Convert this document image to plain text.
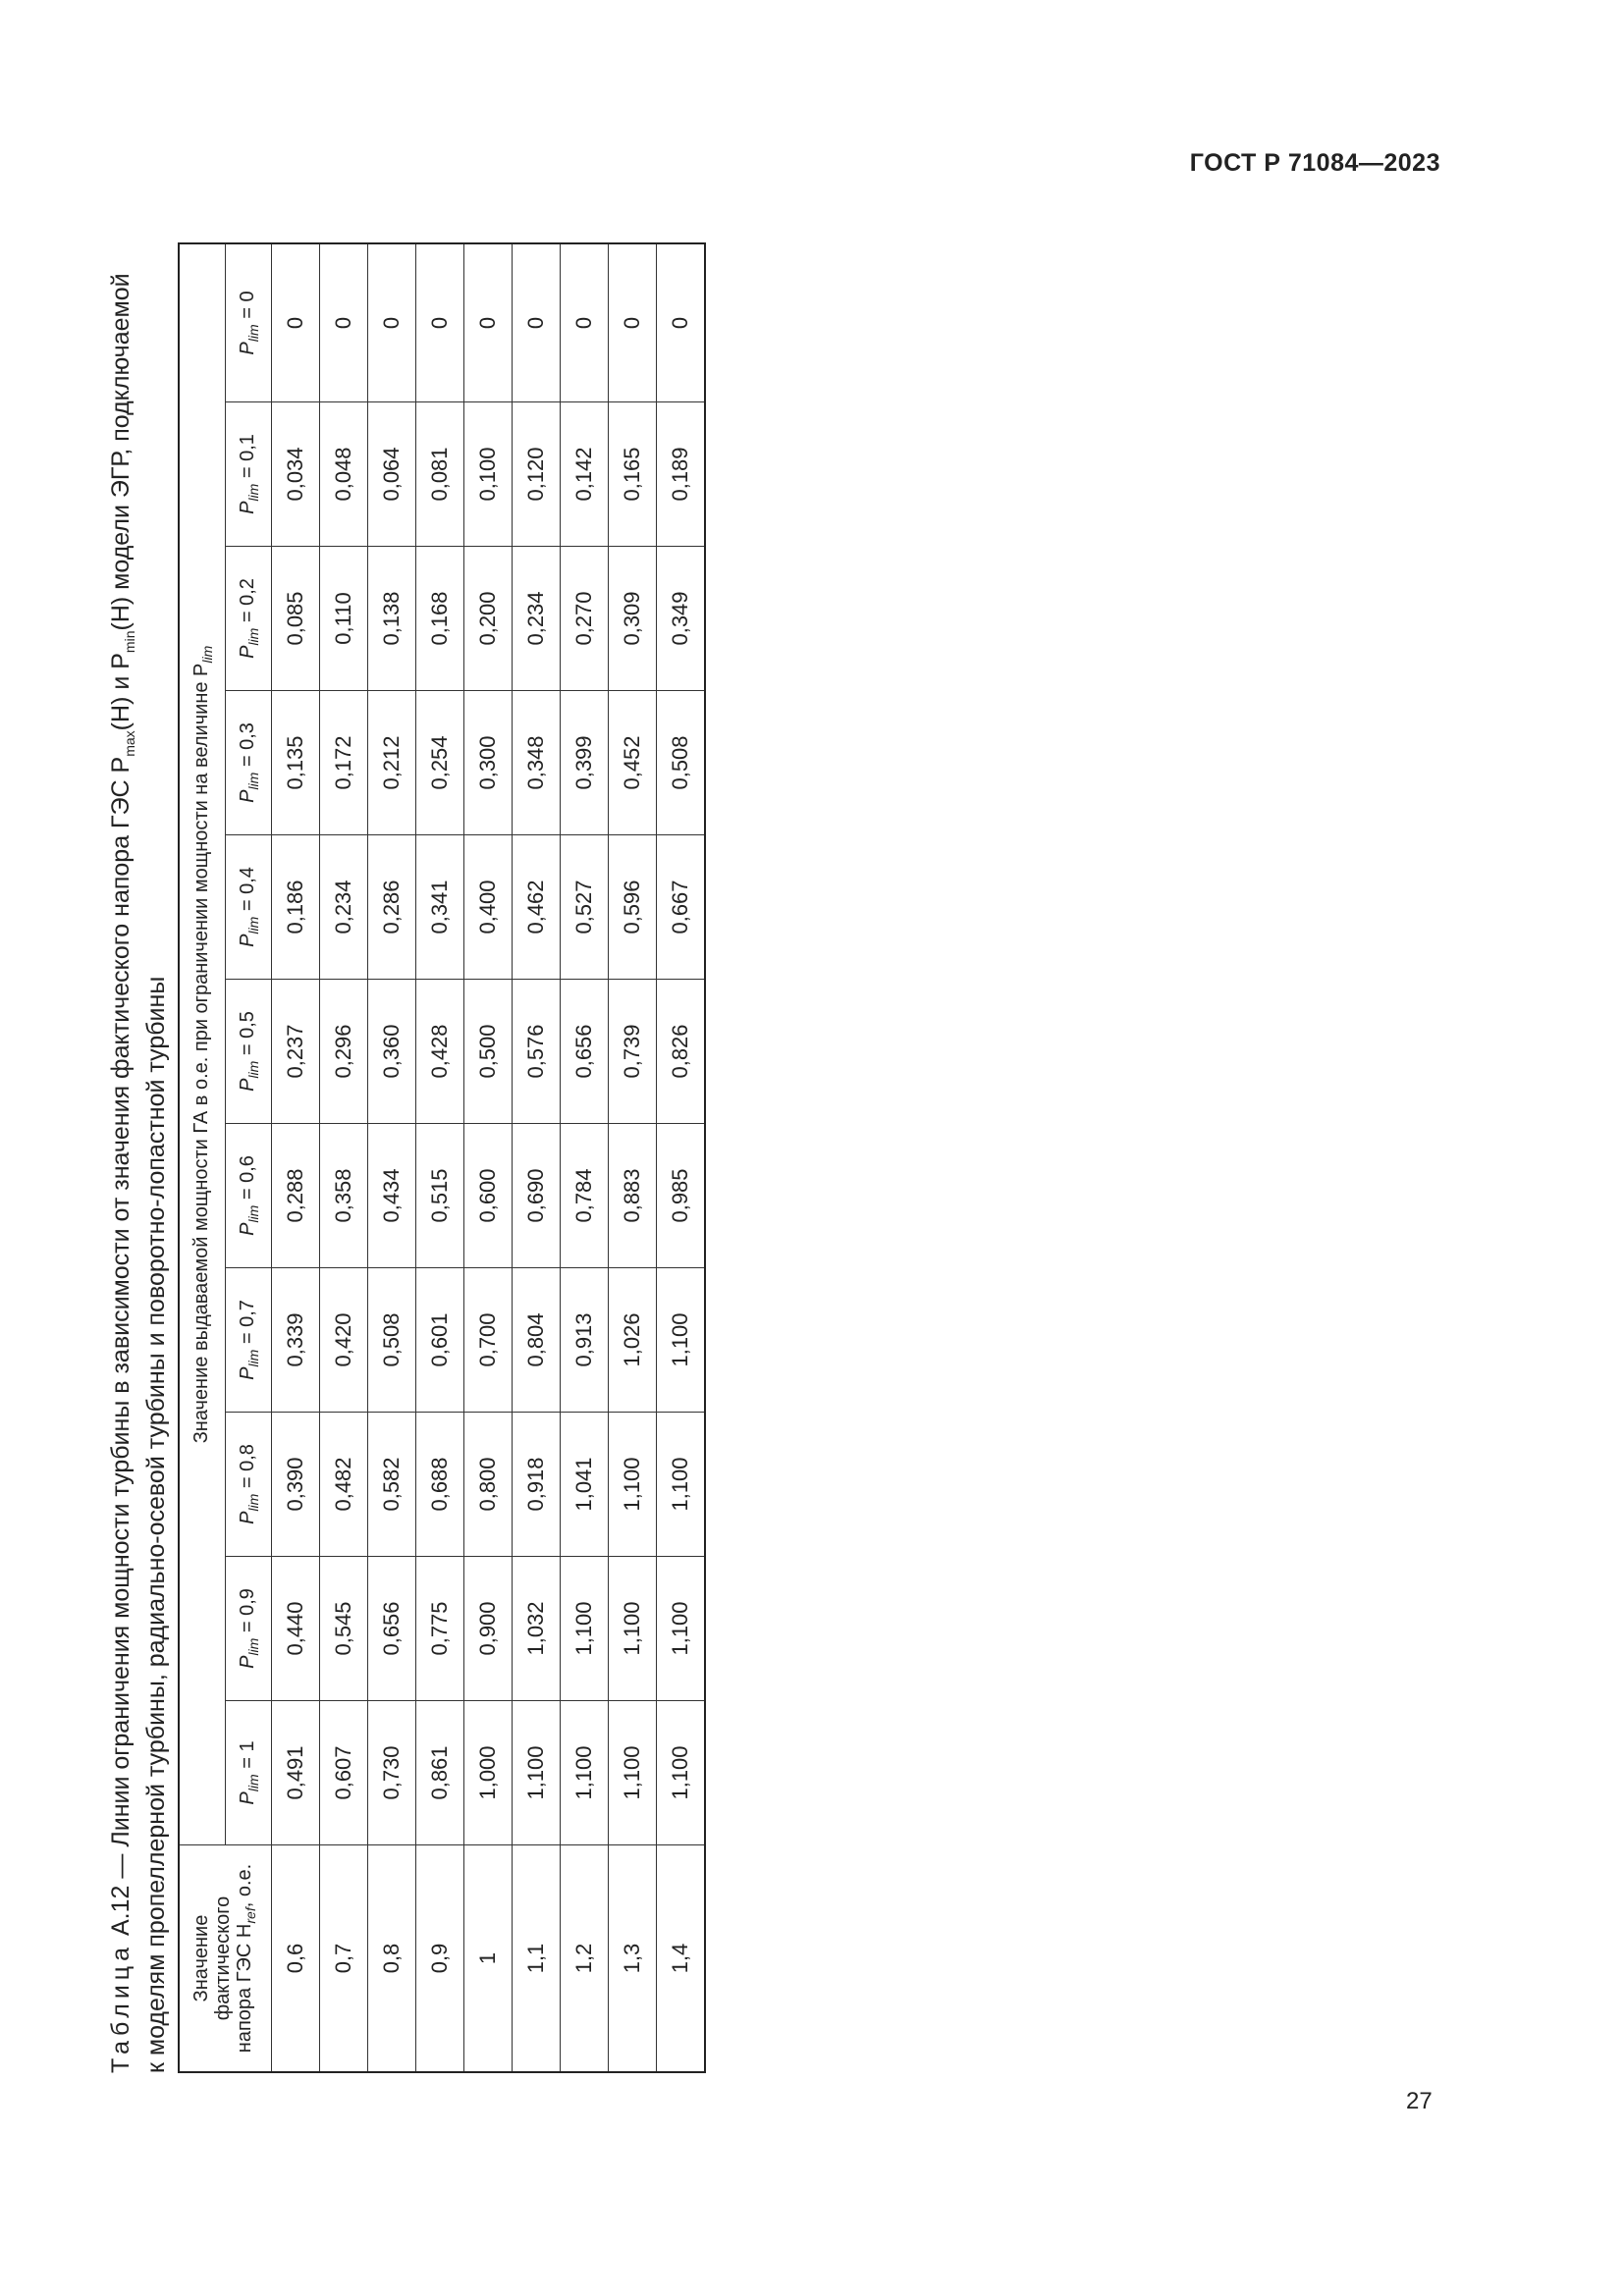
ГОСТ Р 71084—2023

Таблица А.12 — Линии ограничения мощности турбины в зависимости от значения фактического напора ГЭС $P_{max}(H)$ и $P_{min}(H)$ модели ЭГР, подключаемой
к моделям пропеллерной турбины, радиально-осевой турбины и поворотно-лопастной турбины Значение
фактического
напора ГЭС $H_{ref}$, о.е.	Значение выдаваемой мощности ГА в о.е. при ограничении мощности на величине $P_{lim}$
	$P_{lim} = 1$	$P_{lim} = 0,9$	$P_{lim} = 0,8$	$P_{lim} = 0,7$	$P_{lim} = 0,6$	$P_{lim} = 0,5$	$P_{lim} = 0,4$	$P_{lim} = 0,3$	$P_{lim} = 0,2$	$P_{lim} = 0,1$	$P_{lim} = 0$
0,6	0,491	0,440	0,390	0,339	0,288	0,237	0,186	0,135	0,085	0,034	0
0,7	0,607	0,545	0,482	0,420	0,358	0,296	0,234	0,172	0,110	0,048	0
0,8	0,730	0,656	0,582	0,508	0,434	0,360	0,286	0,212	0,138	0,064	0
0,9	0,861	0,775	0,688	0,601	0,515	0,428	0,341	0,254	0,168	0,081	0
1	1,000	0,900	0,800	0,700	0,600	0,500	0,400	0,300	0,200	0,100	0
1,1	1,100	1,032	0,918	0,804	0,690	0,576	0,462	0,348	0,234	0,120	0
1,2	1,100	1,100	1,041	0,913	0,784	0,656	0,527	0,399	0,270	0,142	0
1,3	1,100	1,100	1,100	1,026	0,883	0,739	0,596	0,452	0,309	0,165	0
1,4	1,100	1,100	1,100	1,100	0,985	0,826	0,667	0,508	0,349	0,189	0
27
